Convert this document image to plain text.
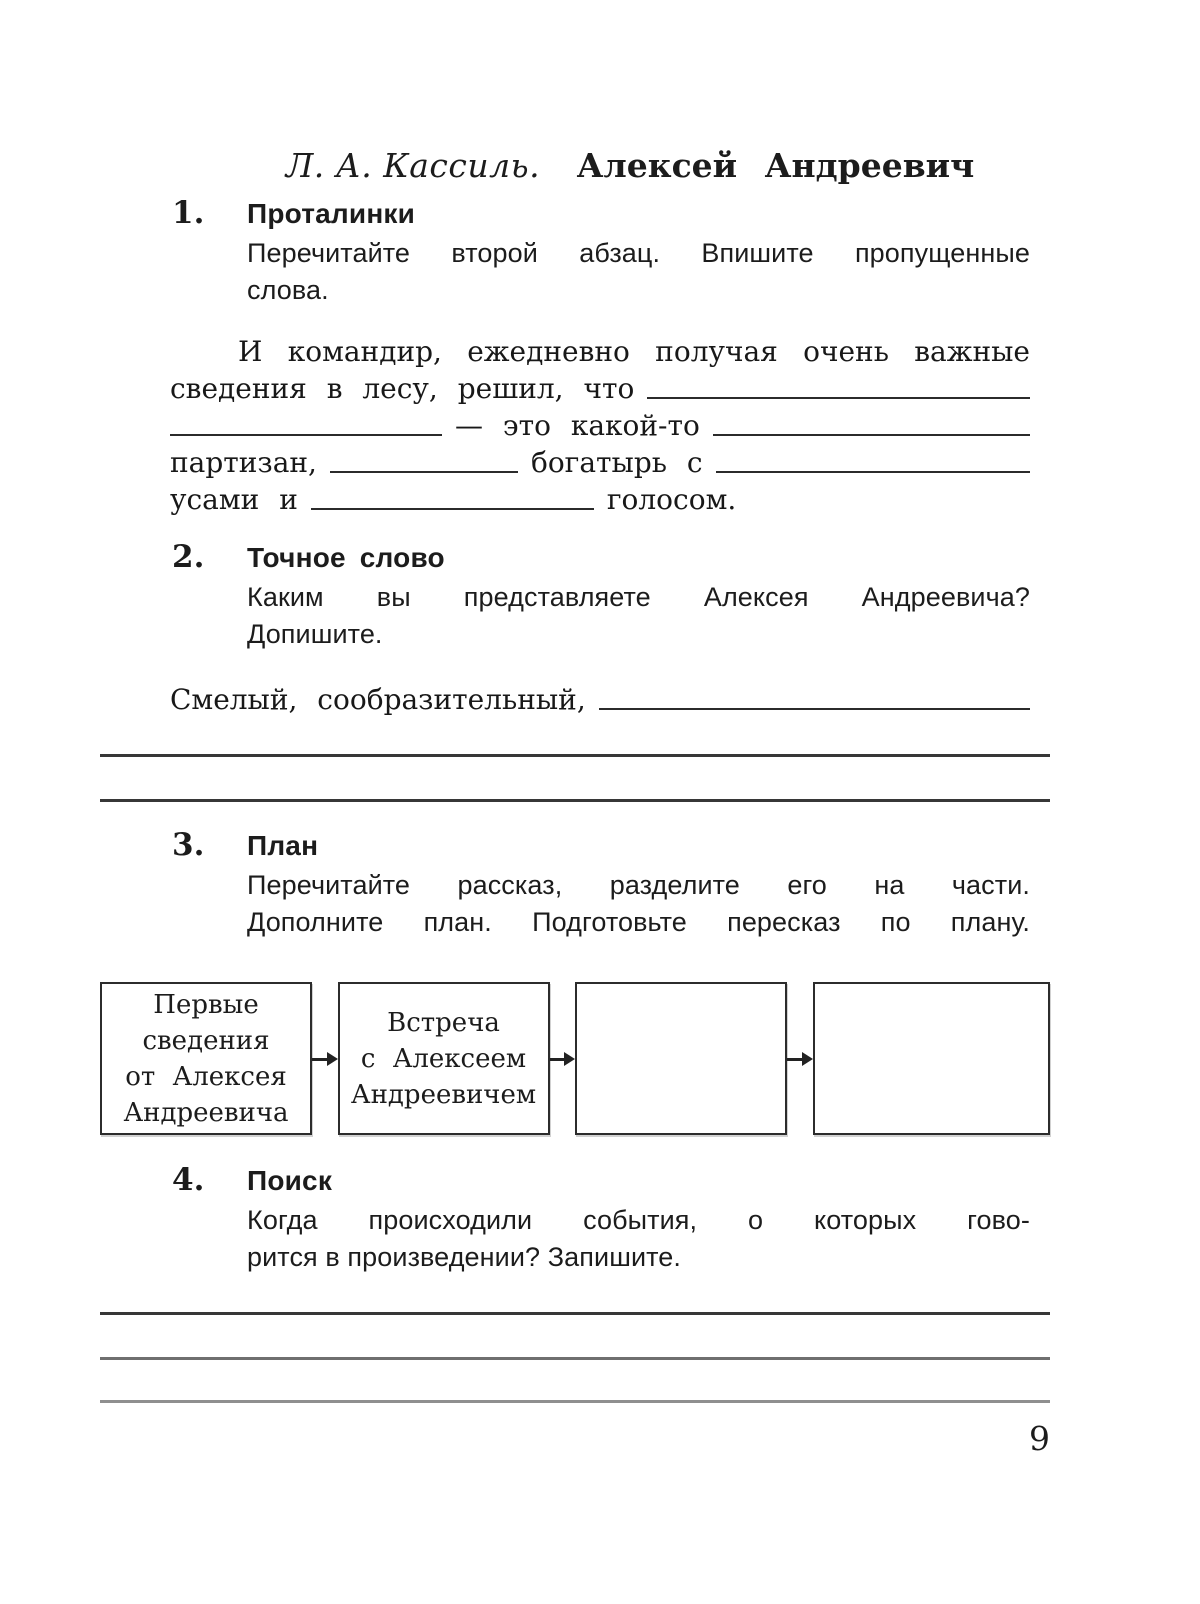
Л. А. Кассиль. Алексей Андреевич
1.	Проталинки
Перечитайте второй абзац. Впишите пропущенные
слова.
И командир, ежедневно получая очень важные
сведения в лесу, решил, что
— это какой-то
партизан,	богатырь с
усами и	голосом.
2.	Точное слово
Каким вы представляете Алексея Андреевича?
Допишите.
Смелый, сообразительный,
3.	План
Перечитайте рассказ, разделите его на части.
Дополните план. Подготовьте пересказ по плану.
Первые
сведения
от Алексея
Андреевича
Встреча
с Алексеем
Андреевичем
4.	Поиск
Когда происходили события, о которых гово-
рится в произведении? Запишите.
9
